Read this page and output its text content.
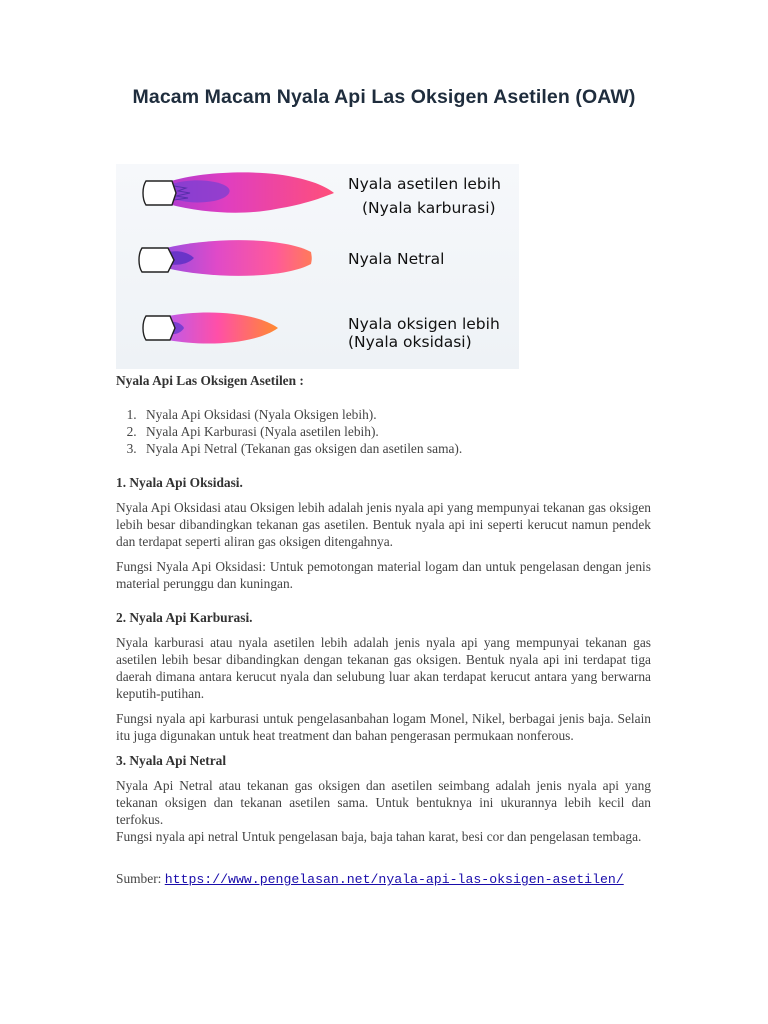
Macam Macam Nyala Api Las Oksigen Asetilen (OAW)
Nyala asetilen lebih
(Nyala karburasi)
Nyala Netral
Nyala oksigen lebih
(Nyala oksidasi)

Nyala Api Las Oksigen Asetilen :

1. Nyala Api Oksidasi (Nyala Oksigen lebih).
2. Nyala Api Karburasi (Nyala asetilen lebih).
3. Nyala Api Netral (Tekanan gas oksigen dan asetilen sama).
1. Nyala Api Oksidasi.

Nyala Api Oksidasi atau Oksigen lebih adalah jenis nyala api yang mempunyai tekanan gas oksigen lebih besar dibandingkan tekanan gas asetilen. Bentuk nyala api ini seperti kerucut namun pendek dan terdapat seperti aliran gas oksigen ditengahnya.

Fungsi Nyala Api Oksidasi: Untuk pemotongan material logam dan untuk pengelasan dengan jenis material perunggu dan kuningan.

2. Nyala Api Karburasi.

Nyala karburasi atau nyala asetilen lebih adalah jenis nyala api yang mempunyai tekanan gas asetilen lebih besar dibandingkan dengan tekanan gas oksigen. Bentuk nyala api ini terdapat tiga daerah dimana antara kerucut nyala dan selubung luar akan terdapat kerucut antara yang berwarna keputih-putihan.

Fungsi nyala api karburasi untuk pengelasanbahan logam Monel, Nikel, berbagai jenis baja. Selain itu juga digunakan untuk heat treatment dan bahan pengerasan permukaan nonferous.

3. Nyala Api Netral

Nyala Api Netral atau tekanan gas oksigen dan asetilen seimbang adalah jenis nyala api yang tekanan oksigen dan tekanan asetilen sama. Untuk bentuknya ini ukurannya lebih kecil dan terfokus.

Fungsi nyala api netral Untuk pengelasan baja, baja tahan karat, besi cor dan pengelasan tembaga.

Sumber: https://www.pengelasan.net/nyala-api-las-oksigen-asetilen/
